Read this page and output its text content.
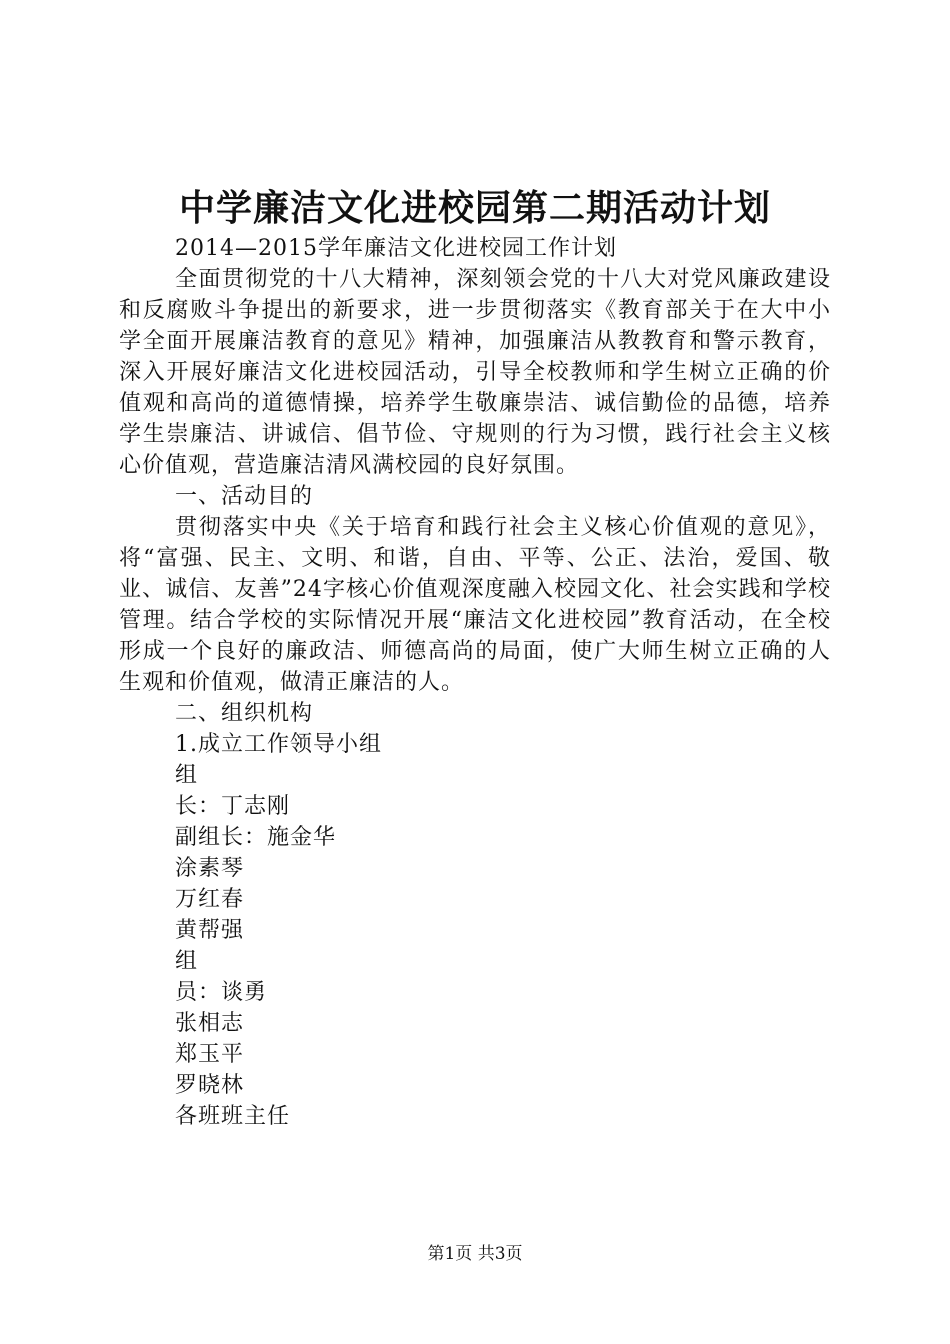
中学廉洁文化进校园第二期活动计划

2014—2015学年廉洁文化进校园工作计划

全面贯彻党的十八大精神，深刻领会党的十八大对党风廉政建设和反腐败斗争提出的新要求，进一步贯彻落实《教育部关于在大中小学全面开展廉洁教育的意见》精神，加强廉洁从教教育和警示教育，深入开展好廉洁文化进校园活动，引导全校教师和学生树立正确的价值观和高尚的道德情操，培养学生敬廉崇洁、诚信勤俭的品德，培养学生崇廉洁、讲诚信、倡节俭、守规则的行为习惯，践行社会主义核心价值观，营造廉洁清风满校园的良好氛围。

一、活动目的

贯彻落实中央《关于培育和践行社会主义核心价值观的意见》，将“富强、民主、文明、和谐，自由、平等、公正、法治，爱国、敬业、诚信、友善”24字核心价值观深度融入校园文化、社会实践和学校管理。结合学校的实际情况开展“廉洁文化进校园”教育活动，在全校形成一个良好的廉政洁、师德高尚的局面，使广大师生树立正确的人生观和价值观，做清正廉洁的人。

二、组织机构

1.成立工作领导小组

组

长：丁志刚

副组长：施金华

涂素琴

万红春

黄帮强

组

员：谈勇

张相志

郑玉平

罗晓林

各班班主任

第1页 共3页
